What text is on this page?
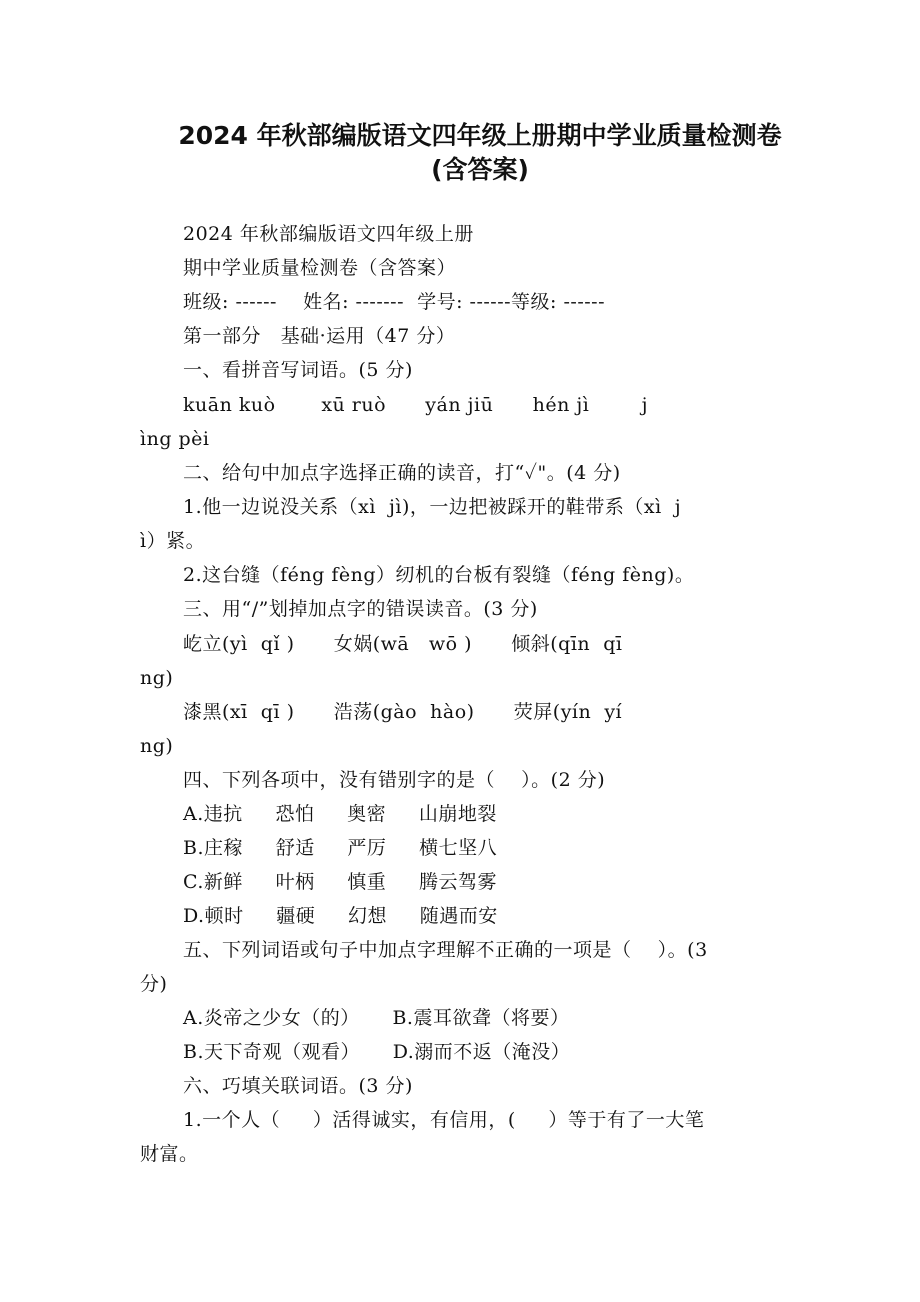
2024 年秋部编版语文四年级上册期中学业质量检测卷
(含答案)
2024 年秋部编版语文四年级上册
期中学业质量检测卷（含答案）
班级: ------    姓名: -------  学号: ------等级: ------
第一部分   基础·运用（47 分）
一、看拼音写词语。(5 分)
kuān kuò       xū ruò      yán jiū      hén jì        j
ìng pèi
二、给句中加点字选择正确的读音，打“✓"。(4 分)
1.他一边说没关系（xì  jì)，一边把被踩开的鞋带系（xì  j
ì）紧。
2.这台缝（féng fèng）纫机的台板有裂缝（féng fèng)。
三、用“/”划掉加点字的错误读音。(3 分)
屹立(yì  qǐ )      女娲(wā   wō )      倾斜(qīn  qī
ng)
漆黑(xī  qī )      浩荡(gào  hào)      荧屏(yín  yí
ng)
四、下列各项中，没有错别字的是（    ）。(2 分)
A.违抗     恐怕     奥密     山崩地裂
B.庄稼     舒适     严厉     横七坚八
C.新鲜     叶柄     慎重     腾云驾雾
D.顿时     疆硬     幻想     随遇而安
五、下列词语或句子中加点字理解不正确的一项是（    ）。(3
分)
A.炎帝之少女（的）     B.震耳欲聋（将要）
B.天下奇观（观看）     D.溺而不返（淹没）
六、巧填关联词语。(3 分)
1.一个人（     ）活得诚实，有信用，(     ）等于有了一大笔
财富。
